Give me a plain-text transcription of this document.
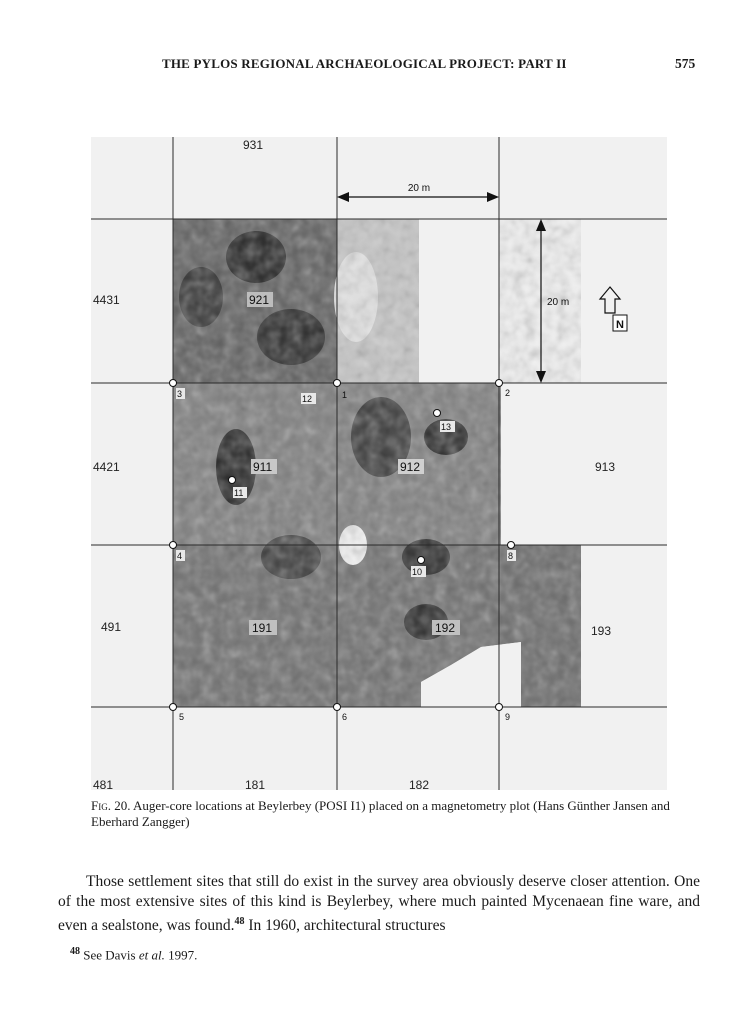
THE PYLOS REGIONAL ARCHAEOLOGICAL PROJECT: PART II	575
20 m
20 m
N
931
4431
4421
491
481
913
193
181	182
921
911	912
191	192
1	2
3
4
5	6
8
9
10
11
12
13
Fig. 20. Auger-core locations at Beylerbey (POSI I1) placed on a magnetometry plot (Hans Günther Jansen and Eberhard Zangger)

Those settlement sites that still do exist in the survey area obviously deserve closer attention. One of the most extensive sites of this kind is Beylerbey, where much painted Mycenaean fine ware, and even a sealstone, was found.$^{48}$ In 1960, architectural structures

$^{48}$ See Davis et al. 1997.
